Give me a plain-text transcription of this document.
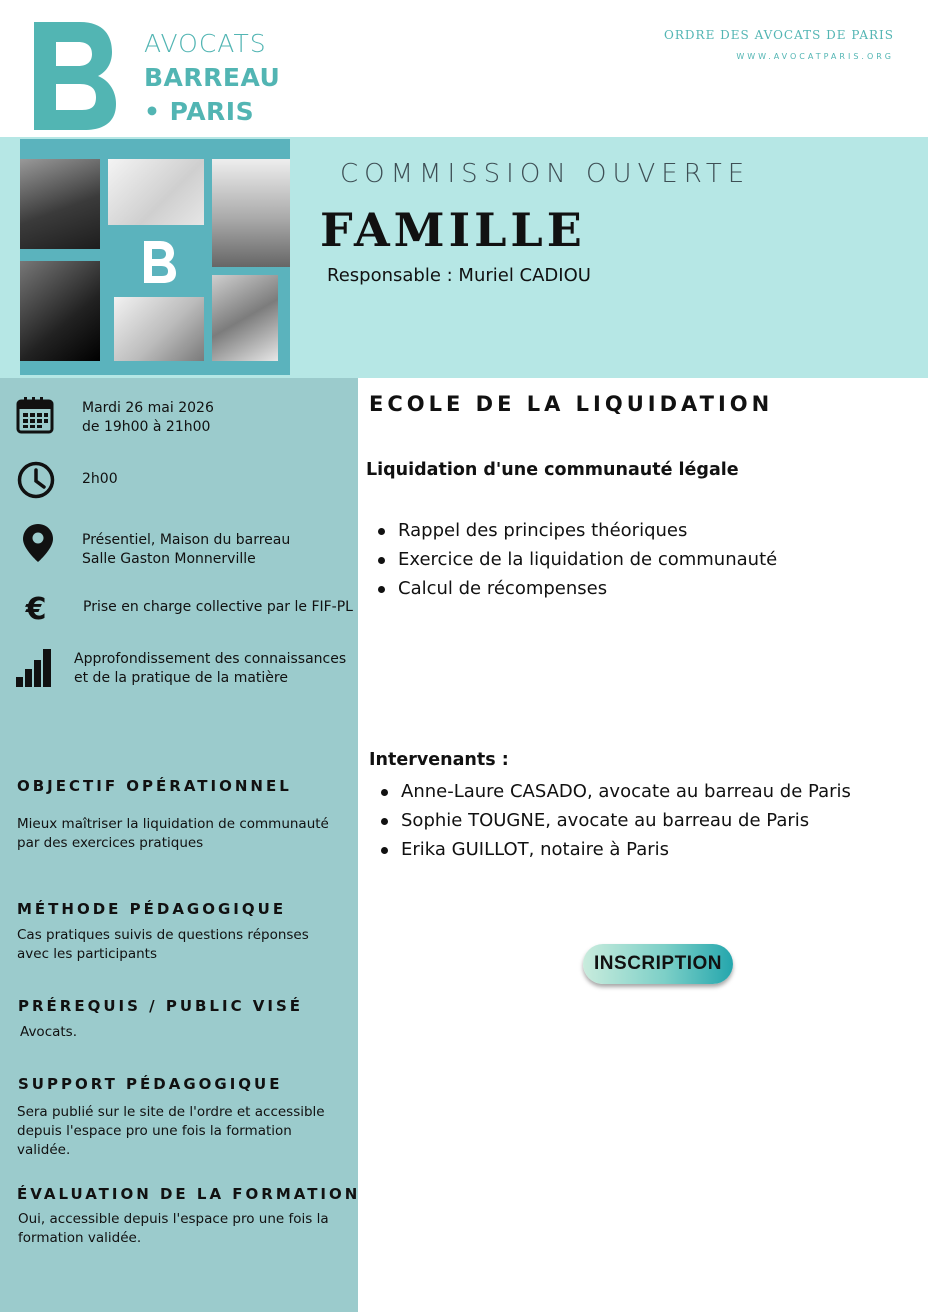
AVOCATS
BARREAU
• PARIS
ORDRE DES AVOCATS DE PARIS
WWW.AVOCATPARIS.ORG
COMMISSION OUVERTE
FAMILLE
Responsable : Muriel CADIOU
Mardi 26 mai 2026
de 19h00 à 21h00
2h00
Présentiel, Maison du barreau
Salle Gaston Monnerville
€	Prise en charge collective par le FIF-PL
Approfondissement des connaissances
et de la pratique de la matière
OBJECTIF OPÉRATIONNEL
Mieux maîtriser la liquidation de communauté
par des exercices pratiques
MÉTHODE PÉDAGOGIQUE
Cas pratiques suivis de questions réponses
avec les participants
PRÉREQUIS / PUBLIC VISÉ
Avocats.
SUPPORT PÉDAGOGIQUE
Sera publié sur le site de l'ordre et accessible
depuis l'espace pro une fois la formation
validée.
ÉVALUATION DE LA FORMATION
Oui, accessible depuis l'espace pro une fois la
formation validée.
ECOLE DE LA LIQUIDATION
Liquidation d'une communauté légale
Rappel des principes théoriques
Exercice de la liquidation de communauté
Calcul de récompenses
Intervenants :
Anne-Laure CASADO, avocate au barreau de Paris
Sophie TOUGNE, avocate au barreau de Paris
Erika GUILLOT, notaire à Paris
INSCRIPTION
